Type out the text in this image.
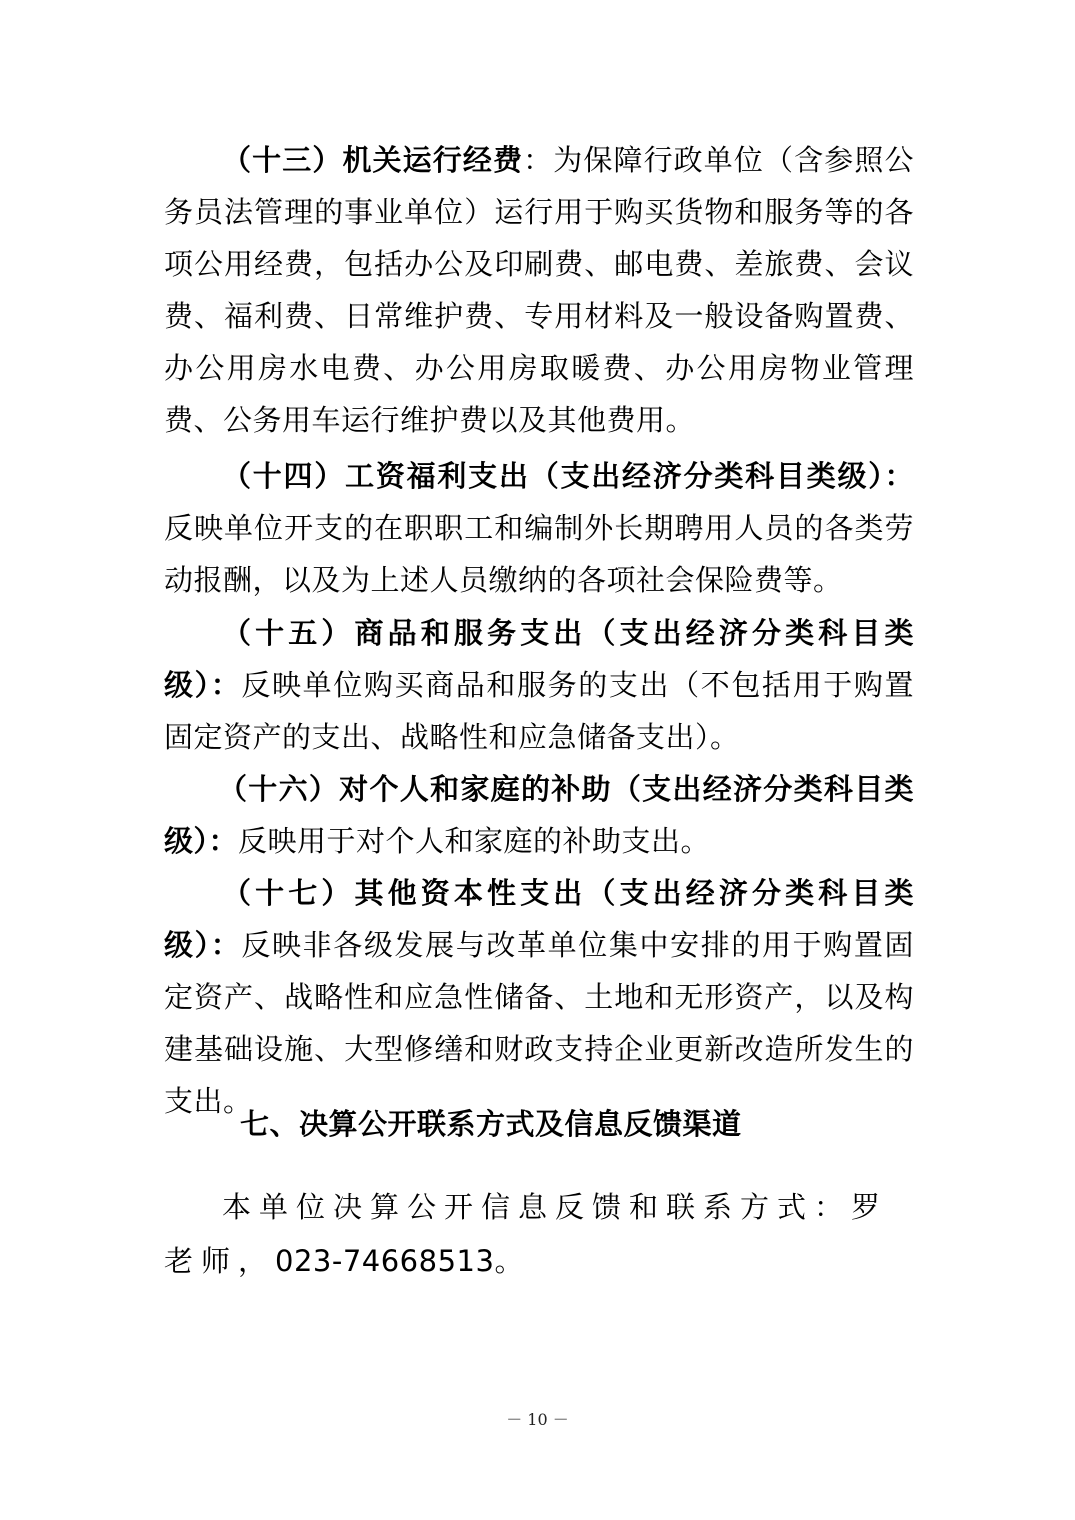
（十三）机关运行经费：为保障行政单位（含参照公务员法管理的事业单位）运行用于购买货物和服务等的各项公用经费，包括办公及印刷费、邮电费、差旅费、会议费、福利费、日常维护费、专用材料及一般设备购置费、办公用房水电费、办公用房取暖费、办公用房物业管理费、公务用车运行维护费以及其他费用。

（十四）工资福利支出（支出经济分类科目类级）：反映单位开支的在职职工和编制外长期聘用人员的各类劳动报酬，以及为上述人员缴纳的各项社会保险费等。

（十五）商品和服务支出（支出经济分类科目类级）：反映单位购买商品和服务的支出（不包括用于购置固定资产的支出、战略性和应急储备支出）。

（十六）对个人和家庭的补助（支出经济分类科目类级）：反映用于对个人和家庭的补助支出。

（十七）其他资本性支出（支出经济分类科目类级）：反映非各级发展与改革单位集中安排的用于购置固定资产、战略性和应急性储备、土地和无形资产，以及构建基础设施、大型修缮和财政支持企业更新改造所发生的支出。

七、决算公开联系方式及信息反馈渠道

本单位决算公开信息反馈和联系方式：罗老师，023-74668513。

－ 10 －
